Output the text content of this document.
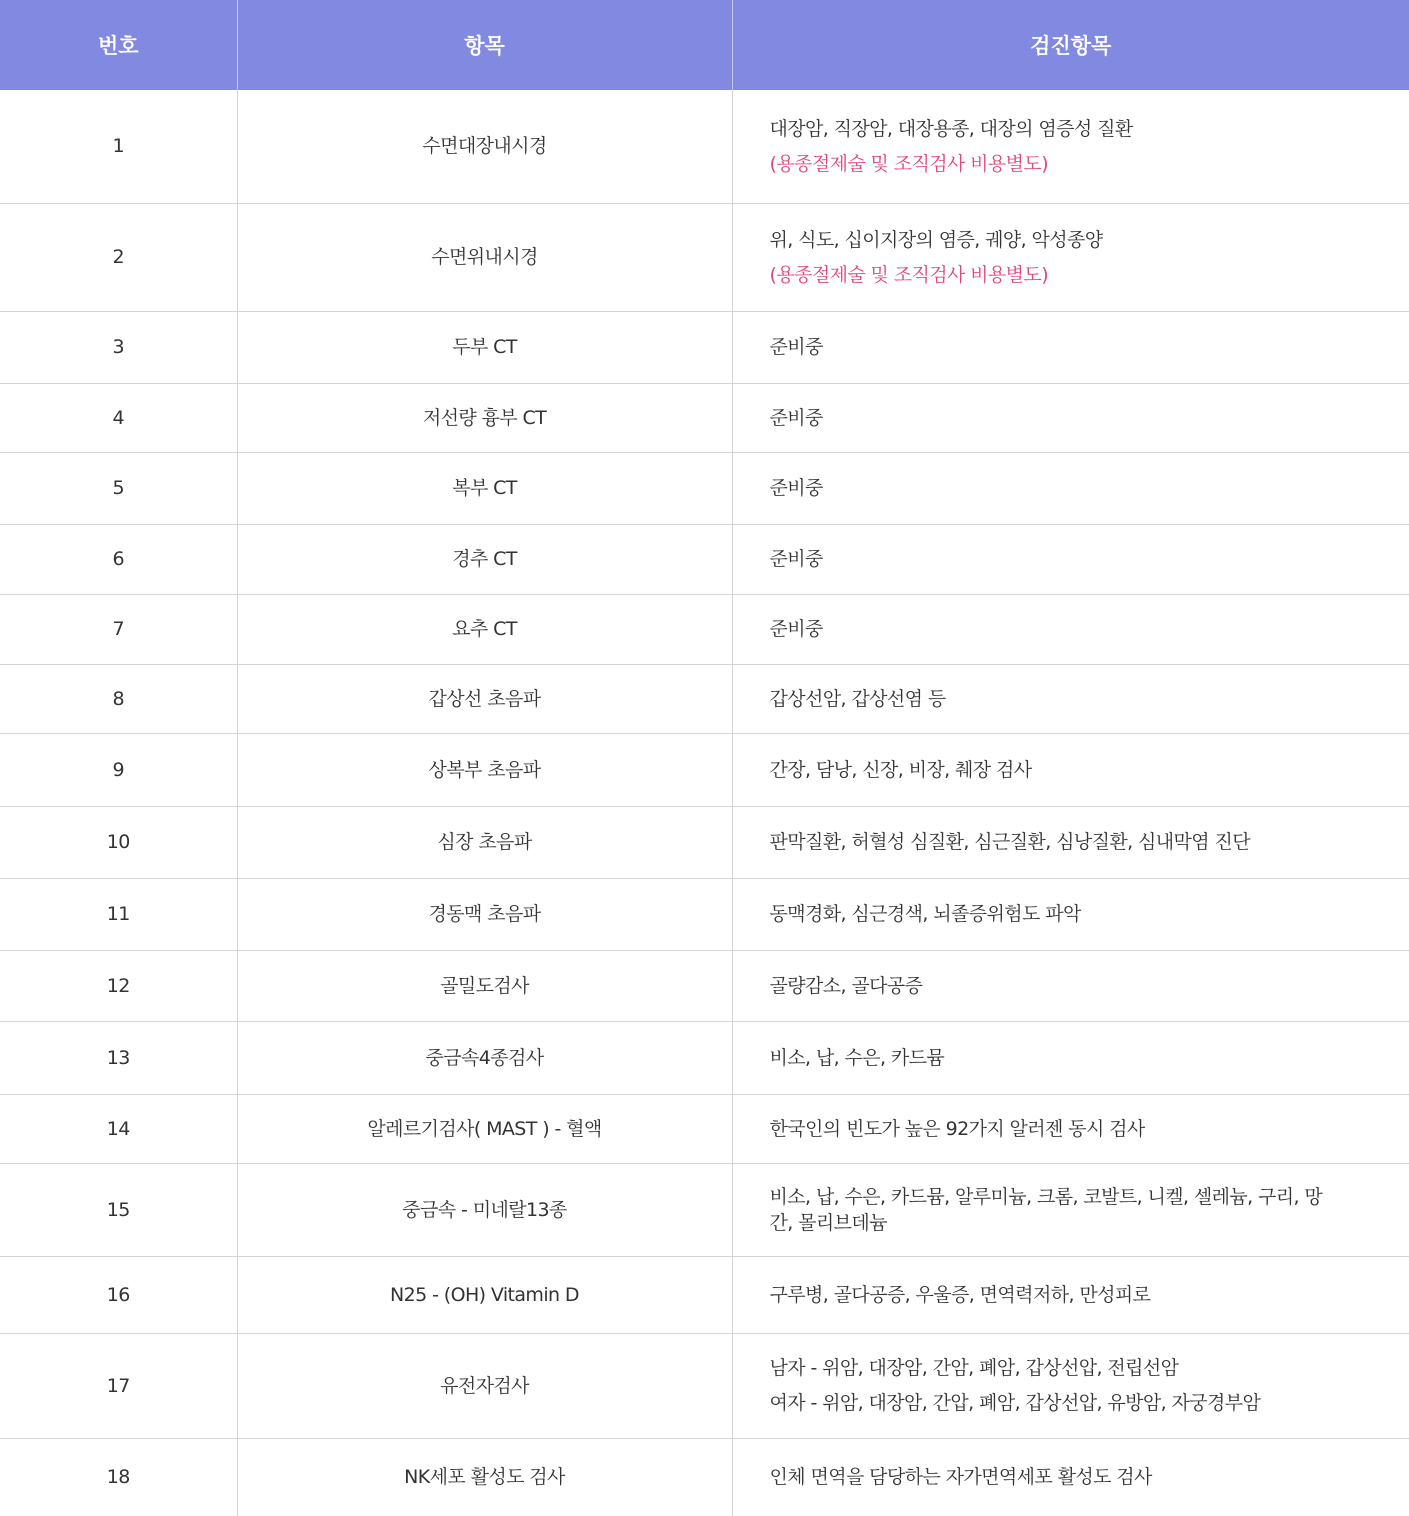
번호	항목	검진항목
1	수면대장내시경	대장암, 직장암, 대장용종, 대장의 염증성 질환
(용종절제술 및 조직검사 비용별도)

2	수면위내시경	위, 식도, 십이지장의 염증, 궤양, 악성종양
(용종절제술 및 조직검사 비용별도)

3	두부 CT	준비중

4	저선량 흉부 CT	준비중

5	복부 CT	준비중

6	경추 CT	준비중

7	요추 CT	준비중

8	갑상선 초음파	갑상선암, 갑상선염 등

9	상복부 초음파	간장, 담낭, 신장, 비장, 췌장 검사

10	심장 초음파	판막질환, 허혈성 심질환, 심근질환, 심낭질환, 심내막염 진단

11	경동맥 초음파	동맥경화, 심근경색, 뇌졸증위험도 파악

12	골밀도검사	골량감소, 골다공증

13	중금속4종검사	비소, 납, 수은, 카드뮴

14	알레르기검사( MAST ) - 혈액	한국인의 빈도가 높은 92가지 알러젠 동시 검사

15	중금속 - 미네랄13종	비소, 납, 수은, 카드뮴, 알루미늄, 크롬, 코발트, 니켈, 셀레늄, 구리, 망간, 몰리브데늄

16	N25 - (OH) Vitamin D	구루병, 골다공증, 우울증, 면역력저하, 만성피로

17	유전자검사	남자 - 위암, 대장암, 간암, 폐암, 갑상선압, 전립선암
여자 - 위암, 대장암, 간압, 폐암, 갑상선압, 유방암, 자궁경부암

18	NK세포 활성도 검사	인체 면역을 담당하는 자가면역세포 활성도 검사
